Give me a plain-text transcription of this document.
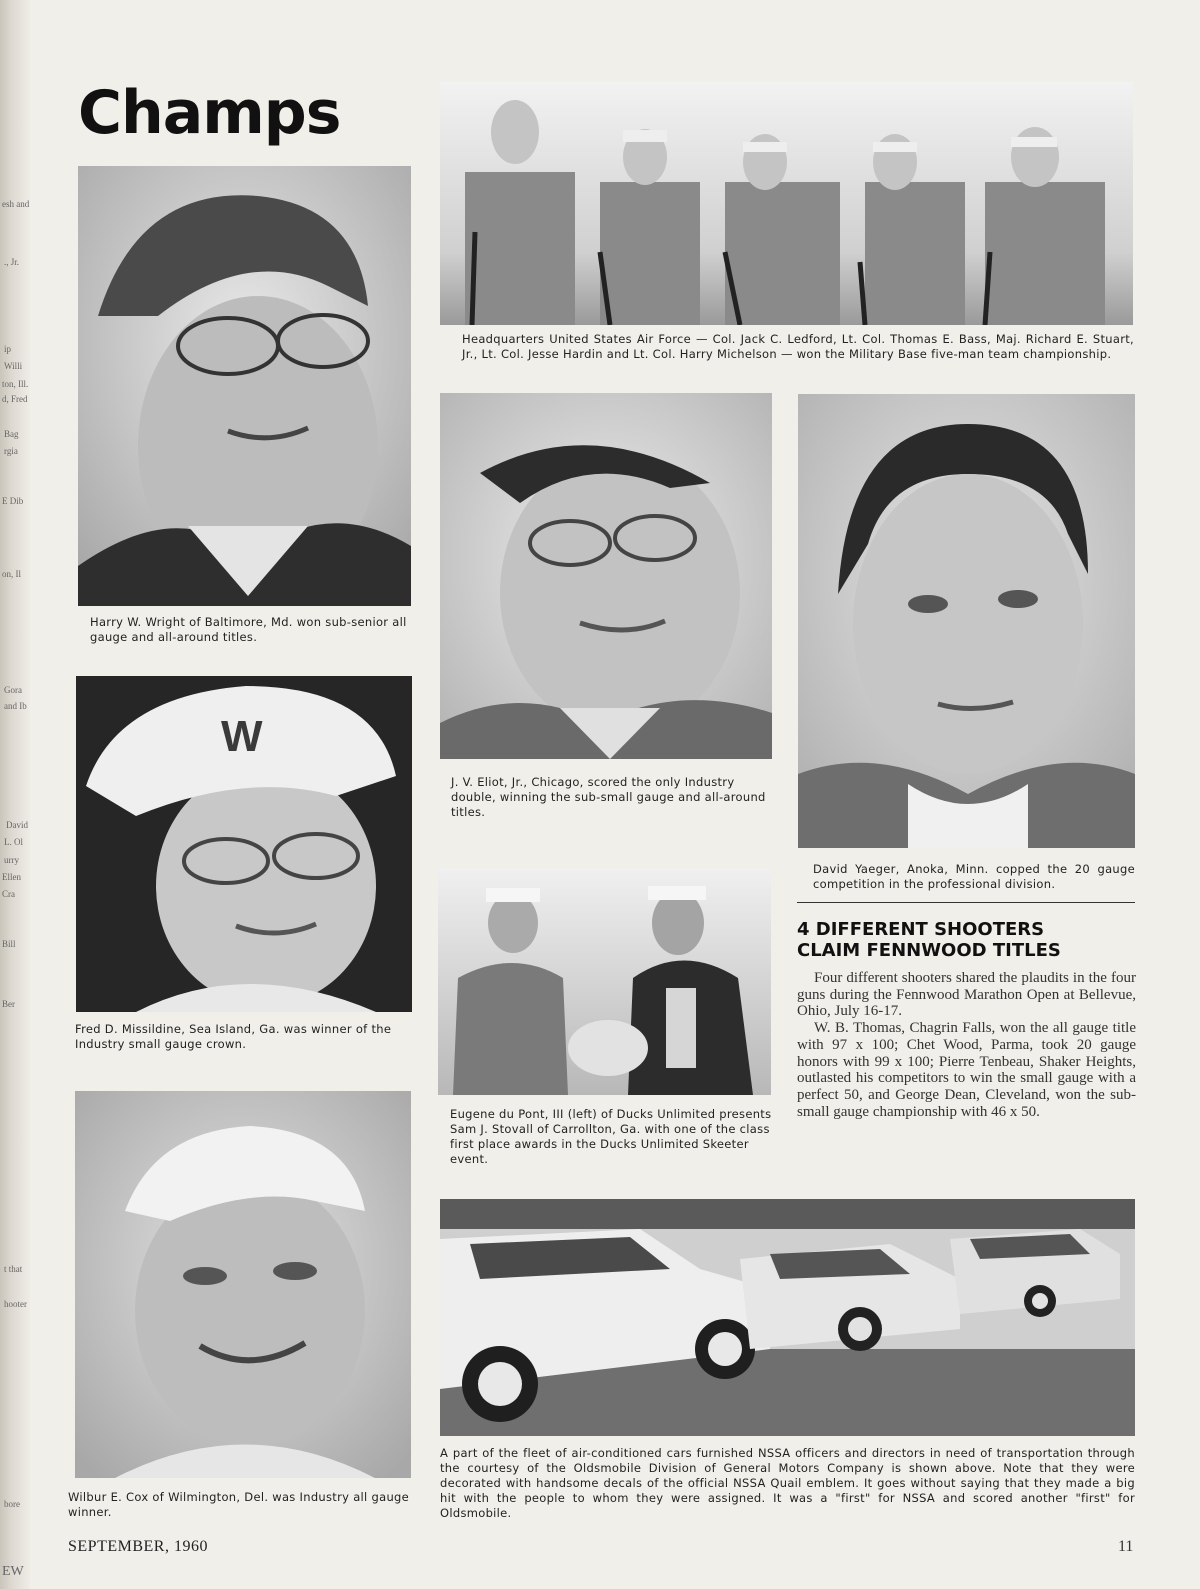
esh and
., Jr.
ip
Willi
ton, Ill.
d, Fred
Bag
rgia
E Dib
on, Il
Gora
and Ib
David
L. Ol
urry
Ellen
Cra
Bill
Ber
t that
hooter
bore
EW
Champs

Harry W. Wright of Baltimore, Md. won sub-senior all gauge and all-around titles.

Headquarters United States Air Force — Col. Jack C. Ledford, Lt. Col. Thomas E. Bass, Maj. Richard E. Stuart, Jr., Lt. Col. Jesse Hardin and Lt. Col. Harry Michelson — won the Military Base five-man team championship.

J. V. Eliot, Jr., Chicago, scored the only Industry double, winning the sub-small gauge and all-around titles.

David Yaeger, Anoka, Minn. copped the 20 gauge competition in the professional division.

W

Fred D. Missildine, Sea Island, Ga. was winner of the Industry small gauge crown.

Eugene du Pont, III (left) of Ducks Unlimited presents Sam J. Stovall of Carrollton, Ga. with one of the class first place awards in the Ducks Unlimited Skeeter event.

4 DIFFERENT SHOOTERS
CLAIM FENNWOOD TITLES

Four different shooters shared the plaudits in the four guns during the Fennwood Marathon Open at Bellevue, Ohio, July 16-17.

W. B. Thomas, Chagrin Falls, won the all gauge title with 97 x 100; Chet Wood, Parma, took 20 gauge honors with 99 x 100; Pierre Tenbeau, Shaker Heights, outlasted his competitors to win the small gauge with a perfect 50, and George Dean, Cleveland, won the sub-small gauge championship with 46 x 50.

Wilbur E. Cox of Wilmington, Del. was Industry all gauge winner.

A part of the fleet of air-conditioned cars furnished NSSA officers and directors in need of transportation through the courtesy of the Oldsmobile Division of General Motors Company is shown above. Note that they were decorated with handsome decals of the official NSSA Quail emblem. It goes without saying that they made a big hit with the people to whom they were assigned. It was a "first" for NSSA and scored another "first" for Oldsmobile.

SEPTEMBER, 1960	11
